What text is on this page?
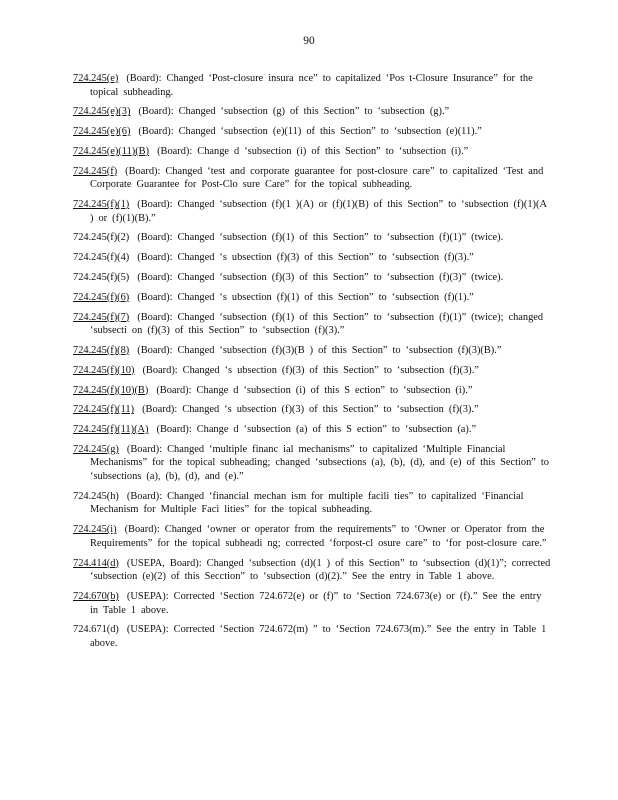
90

724.245(e) (Board): Changed ‘Post-closure insura nce” to capitalized ‘Pos t-Closure Insurance” for the topical subheading.

724.245(e)(3) (Board): Changed ‘subsection (g) of this Section” to ‘subsection (g).”

724.245(e)(6) (Board): Changed ‘subsection (e)(11) of this Section” to ‘subsection (e)(11).”

724.245(e)(11)(B) (Board): Change d ‘subsection (i) of this Section” to ‘subsection (i).”

724.245(f) (Board): Changed ‘test and corporate guarantee for post-closure care” to capitalized ‘Test and Corporate Guarantee for Post-Clo sure Care” for the topical subheading.

724.245(f)(1) (Board): Changed ‘subsection (f)(1 )(A) or (f)(1)(B) of this Section” to ‘subsection (f)(1)(A ) or (f)(1)(B).”

724.245(f)(2) (Board): Changed ‘subsection (f)(1) of this Section” to ‘subsection (f)(1)” (twice).

724.245(f)(4) (Board): Changed ‘s ubsection (f)(3) of this Section” to ‘subsection (f)(3).”

724.245(f)(5) (Board): Changed ‘subsection (f)(3) of this Section” to ‘subsection (f)(3)” (twice).

724.245(f)(6) (Board): Changed ‘s ubsection (f)(1) of this Section” to ‘subsection (f)(1).”

724.245(f)(7) (Board): Changed ‘subsection (f)(1) of this Section” to ‘subsection (f)(1)” (twice); changed ‘subsecti on (f)(3) of this Section” to ‘subsection (f)(3).”

724.245(f)(8) (Board): Changed ‘subsection (f)(3)(B ) of this Section” to ‘subsection (f)(3)(B).”

724.245(f)(10) (Board): Changed ‘s ubsection (f)(3) of this Section” to ‘subsection (f)(3).”

724.245(f)(10)(B) (Board): Change d ‘subsection (i) of this S ection” to ‘subsection (i).”

724.245(f)(11) (Board): Changed ‘s ubsection (f)(3) of this Section” to ‘subsection (f)(3).”

724.245(f)(11)(A) (Board): Change d ‘subsection (a) of this S ection” to ‘subsection (a).”

724.245(g) (Board): Changed ‘multiple financ ial mechanisms” to capitalized ‘Multiple Financial Mechanisms” for the topical subheading; changed ‘subsections (a), (b), (d), and (e) of this Section” to ‘subsections (a), (b), (d), and (e).”

724.245(h) (Board): Changed ‘financial mechan ism for multiple facili ties” to capitalized ‘Financial Mechanism for Multiple Faci lities” for the topical subheading.

724.245(i) (Board): Changed ‘owner or operator from the requirements” to ‘Owner or Operator from the Requirements” for the topical subheadi ng; corrected ‘forpost-cl osure care” to ‘for post-closure care.”

724.414(d) (USEPA, Board): Changed ‘subsection (d)(1 ) of this Section” to ‘subsection (d)(1)”; corrected ‘subsection (e)(2) of this Secction” to ‘subsection (d)(2).” See the entry in Table 1 above.

724.670(b) (USEPA): Corrected ‘Section 724.672(e) or (f)” to ‘Section 724.673(e) or (f).” See the entry in Table 1 above.

724.671(d) (USEPA): Corrected ‘Section 724.672(m) ” to ‘Section 724.673(m).” See the entry in Table 1 above.
